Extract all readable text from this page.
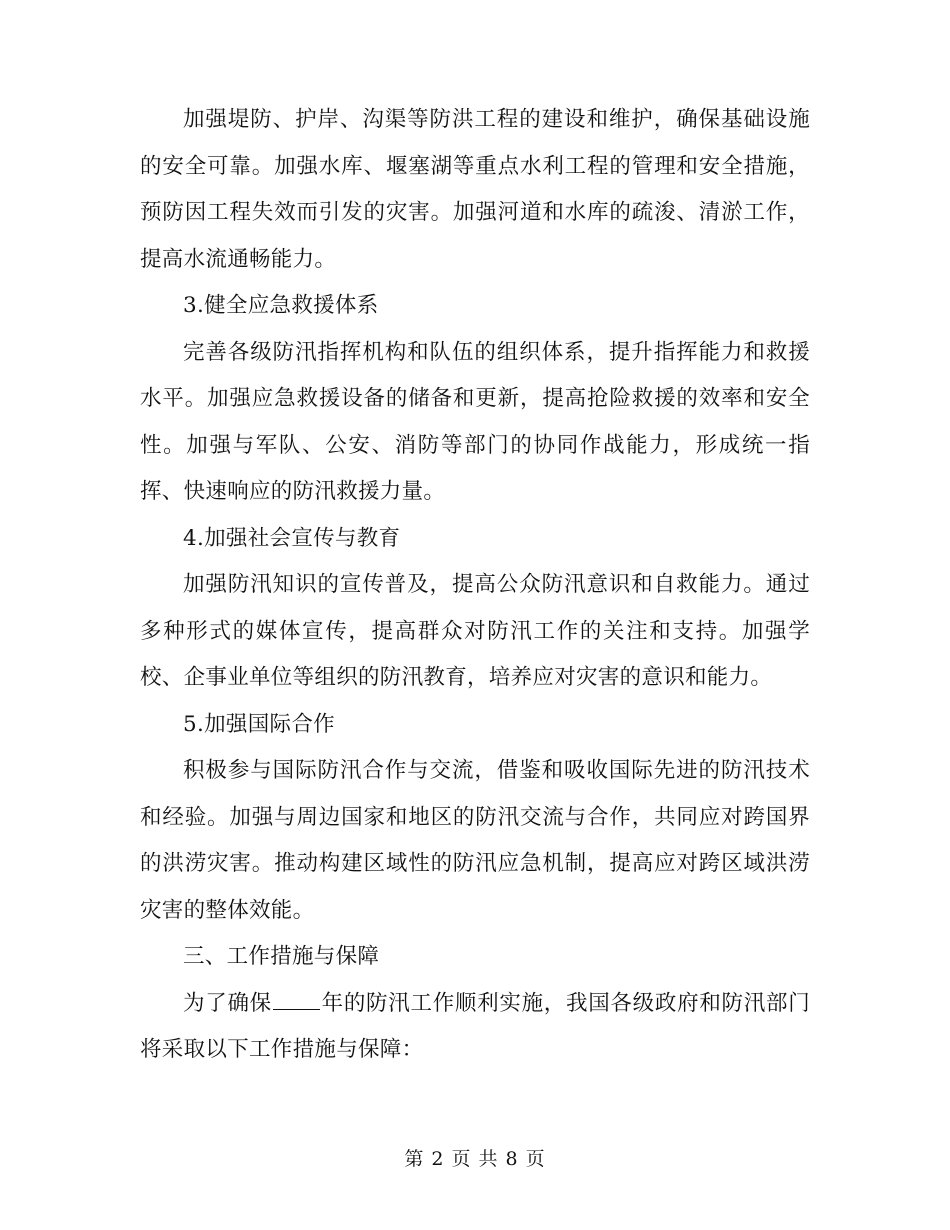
加强堤防、护岸、沟渠等防洪工程的建设和维护，确保基础设施的安全可靠。加强水库、堰塞湖等重点水利工程的管理和安全措施，预防因工程失效而引发的灾害。加强河道和水库的疏浚、清淤工作，提高水流通畅能力。

3.健全应急救援体系

完善各级防汛指挥机构和队伍的组织体系，提升指挥能力和救援水平。加强应急救援设备的储备和更新，提高抢险救援的效率和安全性。加强与军队、公安、消防等部门的协同作战能力，形成统一指挥、快速响应的防汛救援力量。

4.加强社会宣传与教育

加强防汛知识的宣传普及，提高公众防汛意识和自救能力。通过多种形式的媒体宣传，提高群众对防汛工作的关注和支持。加强学校、企事业单位等组织的防汛教育，培养应对灾害的意识和能力。

5.加强国际合作

积极参与国际防汛合作与交流，借鉴和吸收国际先进的防汛技术和经验。加强与周边国家和地区的防汛交流与合作，共同应对跨国界的洪涝灾害。推动构建区域性的防汛应急机制，提高应对跨区域洪涝灾害的整体效能。

三、工作措施与保障

为了确保 年的防汛工作顺利实施，我国各级政府和防汛部门将采取以下工作措施与保障：

第 2 页 共 8 页
